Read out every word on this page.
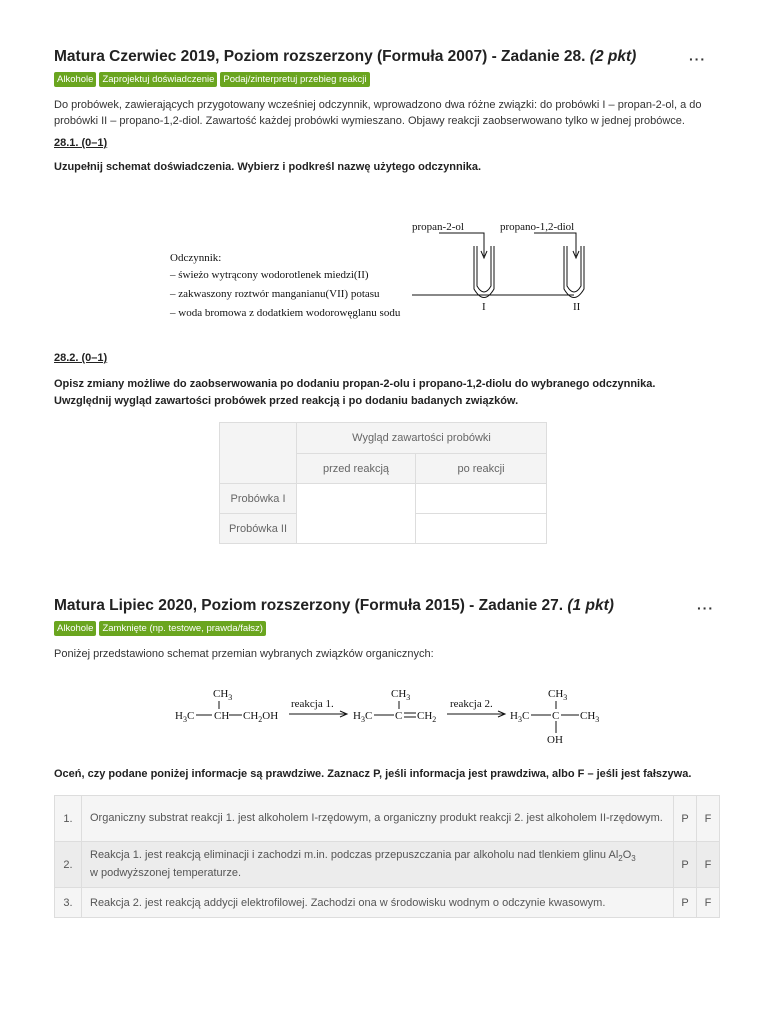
Matura Czerwiec 2019, Poziom rozszerzony (Formuła 2007) - Zadanie 28. (2 pkt)	···
Alkohole Zaprojektuj doświadczenie Podaj/zinterpretuj przebieg reakcji
Do probówek, zawierających przygotowany wcześniej odczynnik, wprowadzono dwa różne związki: do probówki I – propan-2-ol, a do probówki II – propano-1,2-diol. Zawartość każdej probówki wymieszano. Objawy reakcji zaobserwowano tylko w jednej probówce.
28.1. (0–1)
Uzupełnij schemat doświadczenia. Wybierz i podkreśl nazwę użytego odczynnika.
propan-2-ol	propano-1,2-diol
Odczynnik:
– świeżo wytrącony wodorotlenek miedzi(II)
– zakwaszony roztwór manganianu(VII) potasu
– woda bromowa z dodatkiem wodorowęglanu sodu	I	II
28.2. (0–1)
Opisz zmiany możliwe do zaobserwowania po dodaniu propan-2-olu i propano-1,2-diolu do wybranego odczynnika. Uwzględnij wygląd zawartości probówek przed reakcją i po dodaniu badanych związków.
	Wygląd zawartości probówki	
	przed reakcją	po reakcji
Probówka I		
Probówka II		
Matura Lipiec 2020, Poziom rozszerzony (Formuła 2015) - Zadanie 27. (1 pkt)	···
Alkohole Zamknięte (np. testowe, prawda/fałsz)
Poniżej przedstawiono schemat przemian wybranych związków organicznych:
$CH_3$
$H_3C$ CH $CH_2OH$
reakcja 1.
$CH_3$
$H_3C$ C $CH_2$
reakcja 2.
$CH_3$
$H_3C$ C $CH_3$
OH
Oceń, czy podane poniżej informacje są prawdziwe. Zaznacz P, jeśli informacja jest prawdziwa, albo F – jeśli jest fałszywa.
1.	Organiczny substrat reakcji 1. jest alkoholem I-rzędowym, a organiczny produkt reakcji 2. jest alkoholem II-rzędowym.	P	F
2.	Reakcja 1. jest reakcją eliminacji i zachodzi m.in. podczas przepuszczania par alkoholu nad tlenkiem glinu $Al_2O_3$
w podwyższonej temperaturze.	P	F
3.	Reakcja 2. jest reakcją addycji elektrofilowej. Zachodzi ona w środowisku wodnym o odczynie kwasowym.	P	F
